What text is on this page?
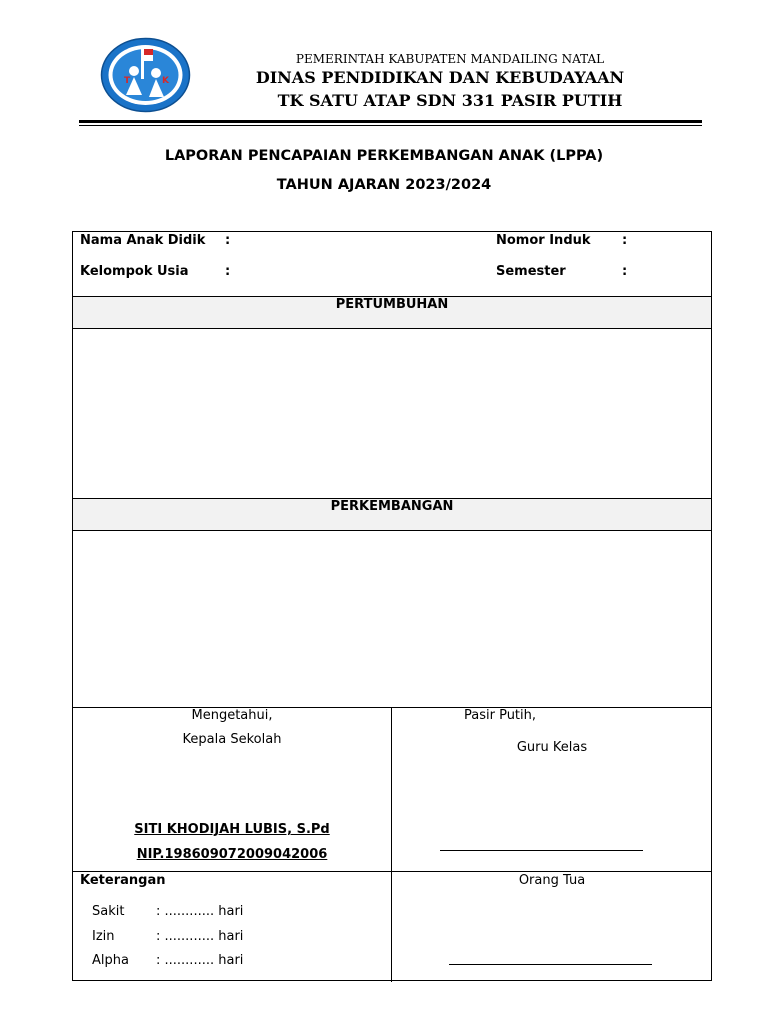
T	K
PEMERINTAH KABUPATEN MANDAILING NATAL
DINAS PENDIDIKAN DAN KEBUDAYAAN
TK SATU ATAP SDN 331 PASIR PUTIH
LAPORAN PENCAPAIAN PERKEMBANGAN ANAK (LPPA)
TAHUN AJARAN 2023/2024
Nama Anak Didik :	Nomor Induk :
Kelompok Usia	:	Semester	:
PERTUMBUHAN
PERKEMBANGAN
Mengetahui,
Kepala Sekolah
SITI KHODIJAH LUBIS, S.Pd
NIP.198609072009042006
Pasir Putih,
Guru Kelas
Keterangan
Sakit : ............ hari
Izin	: ............ hari
Alpha : ............ hari
Orang Tua
